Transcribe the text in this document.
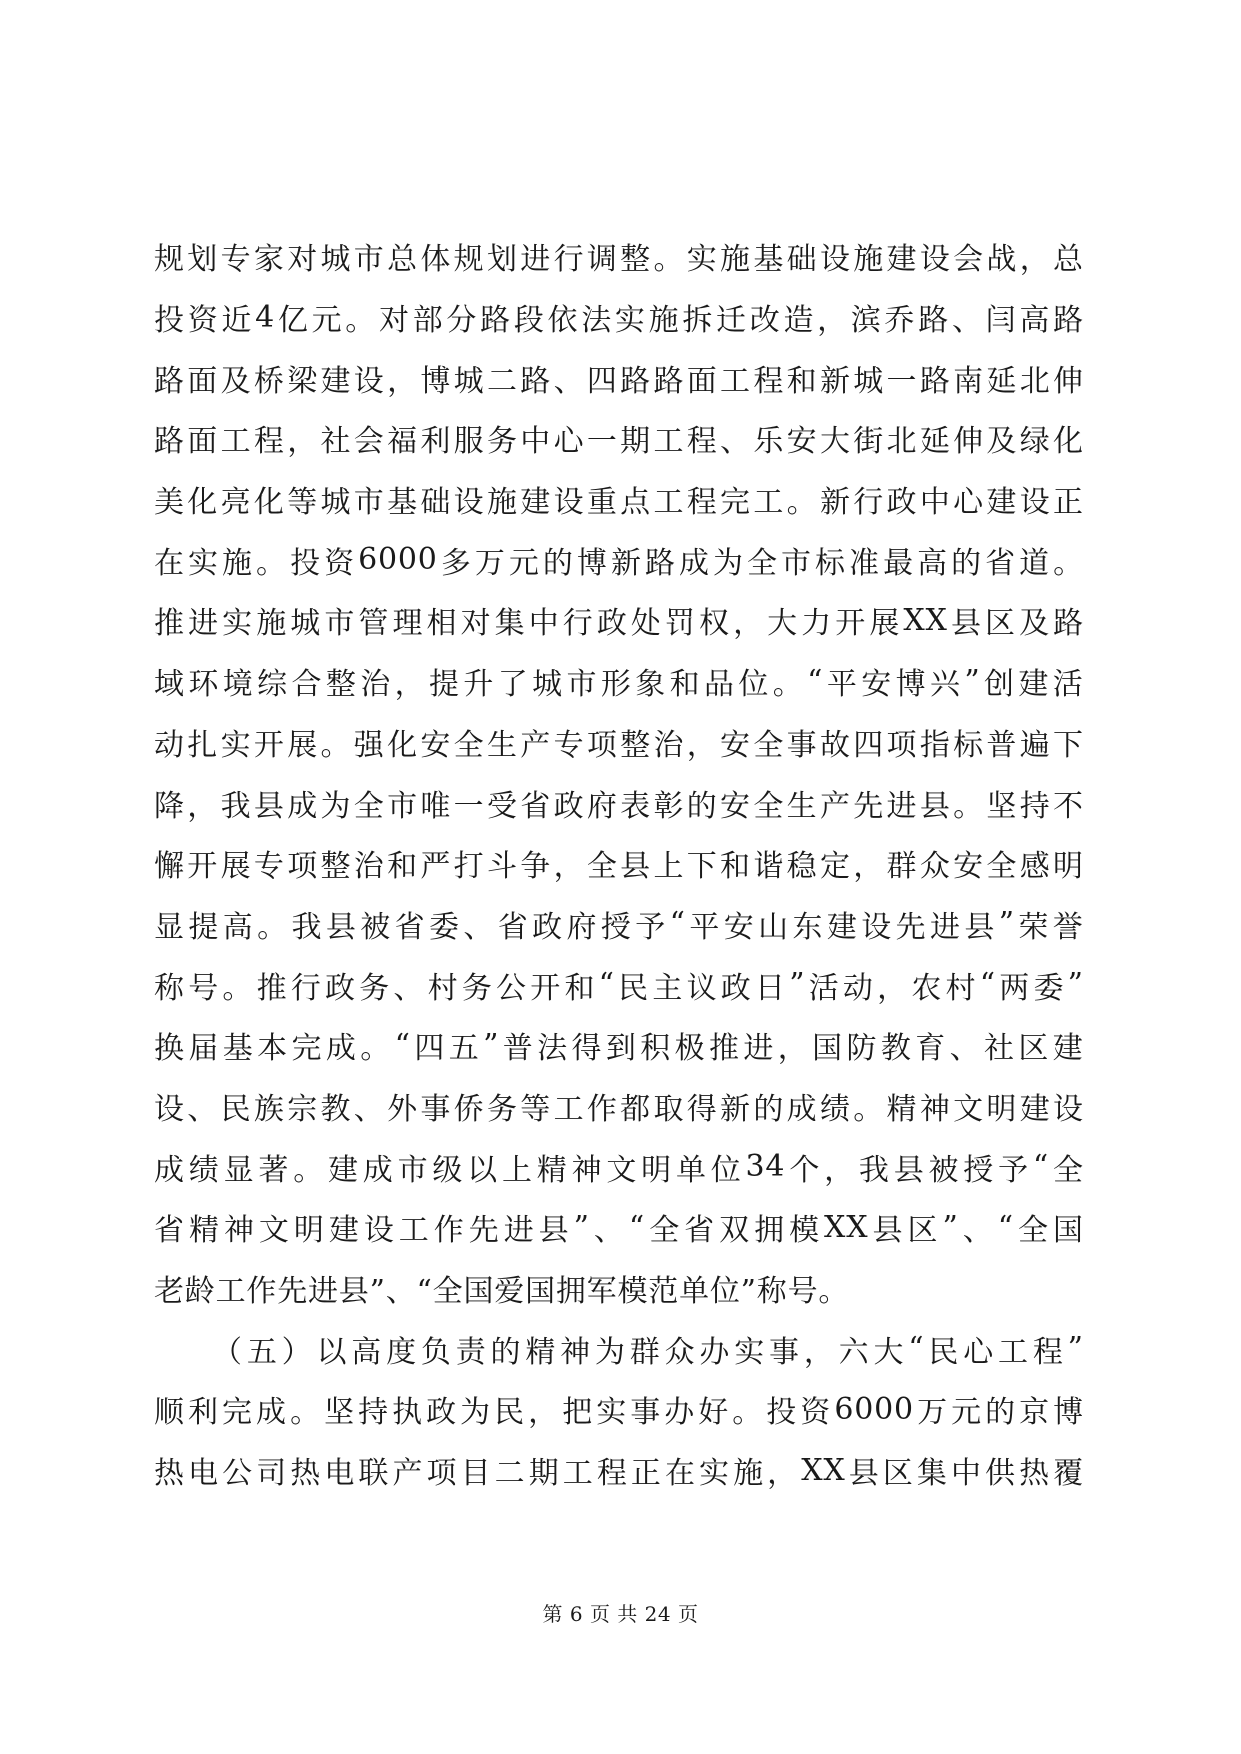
规 划 专 家 对 城 市 总 体 规 划 进 行 调 整 。 实 施 基 础 设 施 建 设 会 战 ， 总
投 资 近 4 亿 元 。 对 部 分 路 段 依 法 实 施 拆 迁 改 造 ， 滨 乔 路 、 闫 高 路
路 面 及 桥 梁 建 设 ， 博 城 二 路 、 四 路 路 面 工 程 和 新 城 一 路 南 延 北 伸
路 面 工 程 ， 社 会 福 利 服 务 中 心 一 期 工 程 、 乐 安 大 街 北 延 伸 及 绿 化
美 化 亮 化 等 城 市 基 础 设 施 建 设 重 点 工 程 完 工 。 新 行 政 中 心 建 设 正
在 实 施 。 投 资 6000 多 万 元 的 博 新 路 成 为 全 市 标 准 最 高 的 省 道 。
推 进 实 施 城 市 管 理 相 对 集 中 行 政 处 罚 权 ， 大 力 开 展 XX 县 区 及 路
域 环 境 综 合 整 治 ， 提 升 了 城 市 形 象 和 品 位 。 “ 平 安 博 兴 ” 创 建 活
动 扎 实 开 展 。 强 化 安 全 生 产 专 项 整 治 ， 安 全 事 故 四 项 指 标 普 遍 下
降 ， 我 县 成 为 全 市 唯 一 受 省 政 府 表 彰 的 安 全 生 产 先 进 县 。 坚 持 不
懈 开 展 专 项 整 治 和 严 打 斗 争 ， 全 县 上 下 和 谐 稳 定 ， 群 众 安 全 感 明
显 提 高 。 我 县 被 省 委 、 省 政 府 授 予 “ 平 安 山 东 建 设 先 进 县 ” 荣 誉
称 号 。 推 行 政 务 、 村 务 公 开 和 “ 民 主 议 政 日 ” 活 动 ， 农 村 “ 两 委 ”
换 届 基 本 完 成 。 “ 四 五 ” 普 法 得 到 积 极 推 进 ， 国 防 教 育 、 社 区 建
设 、 民 族 宗 教 、 外 事 侨 务 等 工 作 都 取 得 新 的 成 绩 。 精 神 文 明 建 设
成 绩 显 著 。 建 成 市 级 以 上 精 神 文 明 单 位 34 个 ， 我 县 被 授 予 “ 全
省 精 神 文 明 建 设 工 作 先 进 县 ” 、 “ 全 省 双 拥 模 XX 县 区 ” 、 “ 全 国
老龄工作先进县”、“全国爱国拥军模范单位”称号。
（ 五 ） 以 高 度 负 责 的 精 神 为 群 众 办 实 事 ， 六 大 “ 民 心 工 程 ”
顺 利 完 成 。 坚 持 执 政 为 民 ， 把 实 事 办 好 。 投 资 6000 万 元 的 京 博
热 电 公 司 热 电 联 产 项 目 二 期 工 程 正 在 实 施 ， XX 县 区 集 中 供 热 覆
第 6 页 共 24 页
